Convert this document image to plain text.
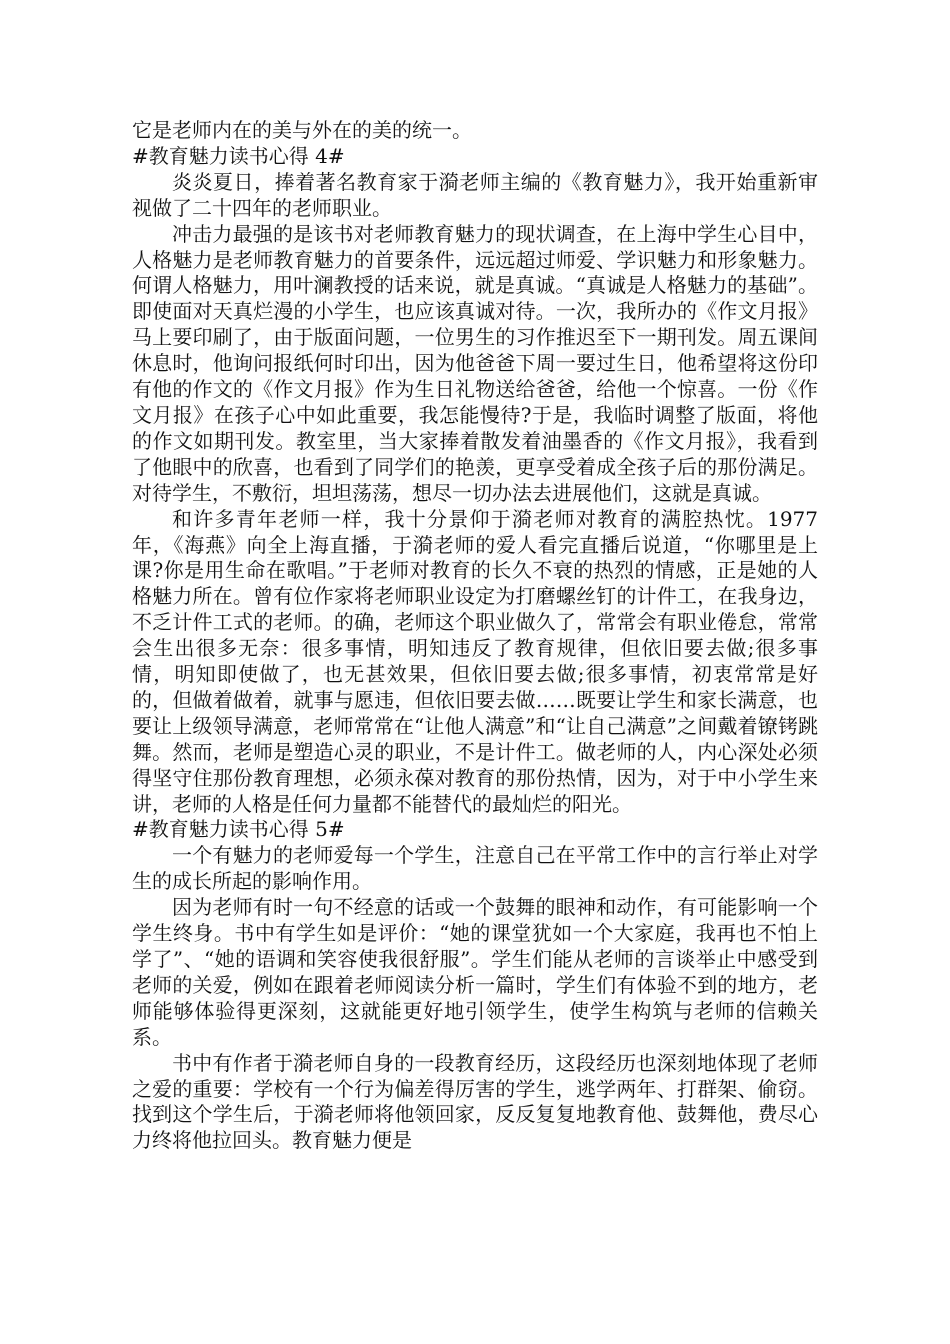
它是老师内在的美与外在的美的统一。

#教育魅力读书心得 4#

炎炎夏日，捧着著名教育家于漪老师主编的《教育魅力》，我开始重新审视做了二十四年的老师职业。

冲击力最强的是该书对老师教育魅力的现状调查，在上海中学生心目中，人格魅力是老师教育魅力的首要条件，远远超过师爱、学识魅力和形象魅力。何谓人格魅力，用叶澜教授的话来说，就是真诚。“真诚是人格魅力的基础”。即使面对天真烂漫的小学生，也应该真诚对待。一次，我所办的《作文月报》马上要印刷了，由于版面问题，一位男生的习作推迟至下一期刊发。周五课间休息时，他询问报纸何时印出，因为他爸爸下周一要过生日，他希望将这份印有他的作文的《作文月报》作为生日礼物送给爸爸，给他一个惊喜。一份《作文月报》在孩子心中如此重要，我怎能慢待?于是，我临时调整了版面，将他的作文如期刊发。教室里，当大家捧着散发着油墨香的《作文月报》，我看到了他眼中的欣喜，也看到了同学们的艳羡，更享受着成全孩子后的那份满足。对待学生，不敷衍，坦坦荡荡，想尽一切办法去进展他们，这就是真诚。

和许多青年老师一样，我十分景仰于漪老师对教育的满腔热忱。1977 年，《海燕》向全上海直播，于漪老师的爱人看完直播后说道，“你哪里是上课?你是用生命在歌唱。”于老师对教育的长久不衰的热烈的情感，正是她的人格魅力所在。曾有位作家将老师职业设定为打磨螺丝钉的计件工，在我身边，不乏计件工式的老师。的确，老师这个职业做久了，常常会有职业倦怠，常常会生出很多无奈：很多事情，明知违反了教育规律，但依旧要去做;很多事情，明知即使做了，也无甚效果，但依旧要去做;很多事情，初衷常常是好的，但做着做着，就事与愿违，但依旧要去做……既要让学生和家长满意，也要让上级领导满意，老师常常在“让他人满意”和“让自己满意”之间戴着镣铐跳舞。然而，老师是塑造心灵的职业，不是计件工。做老师的人，内心深处必须得坚守住那份教育理想，必须永葆对教育的那份热情，因为，对于中小学生来讲，老师的人格是任何力量都不能替代的最灿烂的阳光。

#教育魅力读书心得 5#

一个有魅力的老师爱每一个学生，注意自己在平常工作中的言行举止对学生的成长所起的影响作用。

因为老师有时一句不经意的话或一个鼓舞的眼神和动作，有可能影响一个学生终身。书中有学生如是评价：“她的课堂犹如一个大家庭，我再也不怕上学了”、“她的语调和笑容使我很舒服”。学生们能从老师的言谈举止中感受到老师的关爱，例如在跟着老师阅读分析一篇时，学生们有体验不到的地方，老师能够体验得更深刻，这就能更好地引领学生，使学生构筑与老师的信赖关系。

书中有作者于漪老师自身的一段教育经历，这段经历也深刻地体现了老师之爱的重要：学校有一个行为偏差得厉害的学生，逃学两年、打群架、偷窃。找到这个学生后，于漪老师将他领回家，反反复复地教育他、鼓舞他，费尽心力终将他拉回头。教育魅力便是
